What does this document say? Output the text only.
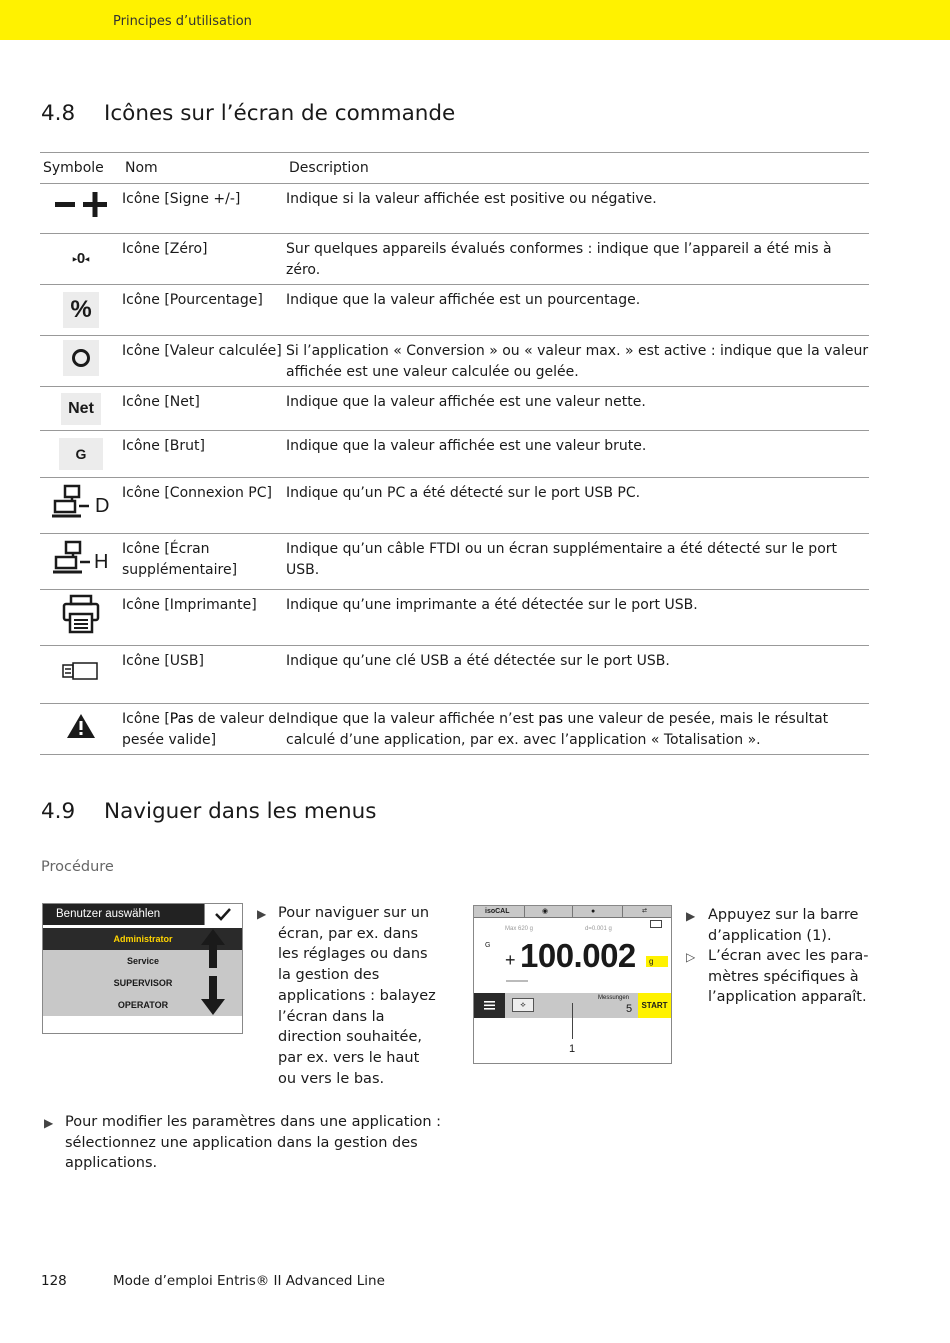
Principes d’utilisation
4.8 Icônes sur l’écran de commande
Symbole	Nom	Description
	Icône [Signe +/-]	Indique si la valeur affichée est positive ou négative.
▸0◂	Icône [Zéro]	Sur quelques appareils évalués conformes : indique que l’appareil a été mis à zéro.
%	Icône [Pourcentage]	Indique que la valeur affichée est un pourcentage.

	Icône [Valeur calculée]	Si l’application « Conversion » ou « valeur max. » est active : indique que la valeur affichée est une valeur calculée ou gelée.
Net	Icône [Net]	Indique que la valeur affichée est une valeur nette.
G	Icône [Brut]	Indique que la valeur affichée est une valeur brute.

D	Icône [Connexion PC]	Indique qu’un PC a été détecté sur le port USB PC.

H	Icône [Écran supplémentaire]	Indique qu’un câble FTDI ou un écran supplémentaire a été détecté sur le port USB.
	Icône [Imprimante]	Indique qu’une imprimante a été détectée sur le port USB.
	Icône [USB]	Indique qu’une clé USB a été détectée sur le port USB.
	Icône [Pas de valeur de pesée valide]	Indique que la valeur affichée n’est pas une valeur de pesée, mais le résultat calculé d’une application, par ex. avec l’application « Totalisation ».
4.9 Naviguer dans les menus
Procédure
Benutzer auswählen
Administrator
Service
SUPERVISOR
OPERATOR
▶ Pour naviguer sur un écran, par ex. dans les réglages ou dans la gestion des applications : balayez l’écran dans la direction souhaitée, par ex. vers le haut ou vers le bas.
isoCAL	◉	●	⇄
Max 620 g	d=0.001 g
G
+ 100.002	g
⟡
Messungen
5	START
1
▶ Appuyez sur la barre d’application (1).
▷ L’écran avec les paramètres spécifiques à l’application apparaît.
▶ Pour modifier les paramètres dans une application : sélectionnez une application dans la gestion des applications.
128	Mode d’emploi Entris® II Advanced Line
